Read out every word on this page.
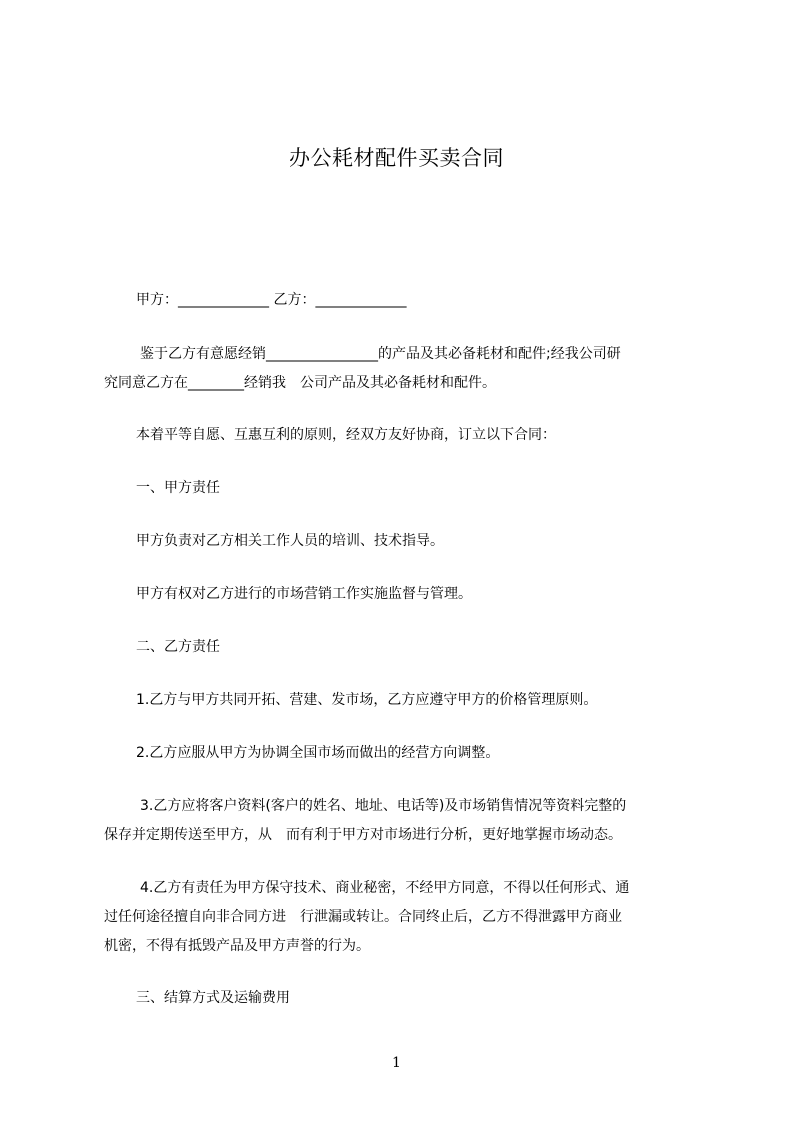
办公耗材配件买卖合同
甲方：_____________ 乙方：_____________
　鉴于乙方有意愿经销________________的产品及其必备耗材和配件;经我公司研
究同意乙方在________经销我　公司产品及其必备耗材和配件。
本着平等自愿、互惠互利的原则，经双方友好协商，订立以下合同：
一、甲方责任
甲方负责对乙方相关工作人员的培训、技术指导。
甲方有权对乙方进行的市场营销工作实施监督与管理。
二、乙方责任
1.乙方与甲方共同开拓、营建、发市场，乙方应遵守甲方的价格管理原则。
2.乙方应服从甲方为协调全国市场而做出的经营方向调整。
　3.乙方应将客户资料(客户的姓名、地址、电话等)及市场销售情况等资料完整的
保存并定期传送至甲方，从　而有利于甲方对市场进行分析，更好地掌握市场动态。
　4.乙方有责任为甲方保守技术、商业秘密，不经甲方同意，不得以任何形式、通
过任何途径擅自向非合同方进　行泄漏或转让。合同终止后，乙方不得泄露甲方商业
机密，不得有抵毁产品及甲方声誉的行为。
三、结算方式及运输费用
1
